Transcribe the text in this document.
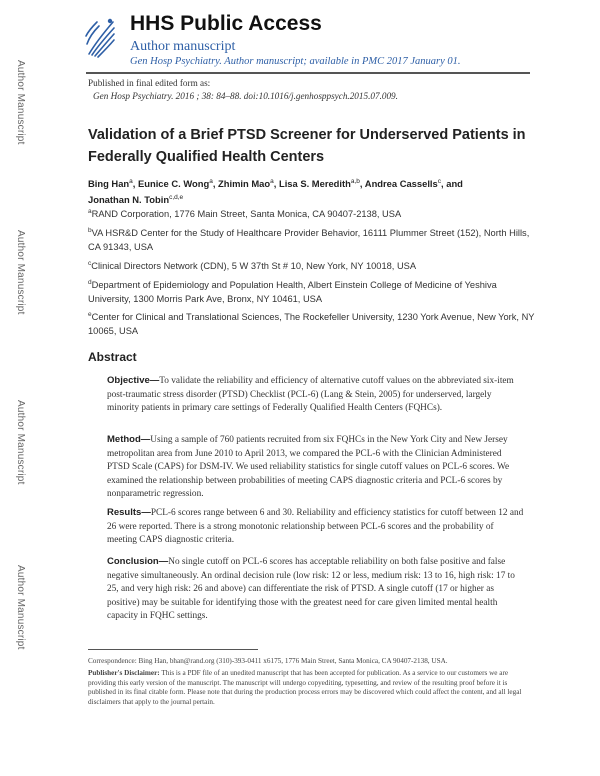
Author Manuscript
Author Manuscript
Author Manuscript
Author Manuscript
HHS Public Access
Author manuscript
Gen Hosp Psychiatry. Author manuscript; available in PMC 2017 January 01.
Published in final edited form as:
Gen Hosp Psychiatry. 2016 ; 38: 84–88. doi:10.1016/j.genhosppsych.2015.07.009.
Validation of a Brief PTSD Screener for Underserved Patients in Federally Qualified Health Centers
Bing Han$^a$, Eunice C. Wong$^a$, Zhimin Mao$^a$, Lisa S. Meredith$^{a,b}$, Andrea Cassells$^c$, and
Jonathan N. Tobin$^{c,d,e}$
$^a$RAND Corporation, 1776 Main Street, Santa Monica, CA 90407-2138, USA
$^b$VA HSR&D Center for the Study of Healthcare Provider Behavior, 16111 Plummer Street (152), North Hills, CA 91343, USA
$^c$Clinical Directors Network (CDN), 5 W 37th St # 10, New York, NY 10018, USA
$^d$Department of Epidemiology and Population Health, Albert Einstein College of Medicine of Yeshiva University, 1300 Morris Park Ave, Bronx, NY 10461, USA
$^e$Center for Clinical and Translational Sciences, The Rockefeller University, 1230 York Avenue, New York, NY 10065, USA
Abstract
Objective—To validate the reliability and efficiency of alternative cutoff values on the abbreviated six-item post-traumatic stress disorder (PTSD) Checklist (PCL-6) (Lang & Stein, 2005) for underserved, largely minority patients in primary care settings of Federally Qualified Health Centers (FQHCs).
Method—Using a sample of 760 patients recruited from six FQHCs in the New York City and New Jersey metropolitan area from June 2010 to April 2013, we compared the PCL-6 with the Clinician Administered PTSD Scale (CAPS) for DSM-IV. We used reliability statistics for single cutoff values on PCL-6 scores. We examined the relationship between probabilities of meeting CAPS diagnostic criteria and PCL-6 scores by nonparametric regression.
Results—PCL-6 scores range between 6 and 30. Reliability and efficiency statistics for cutoff between 12 and 26 were reported. There is a strong monotonic relationship between PCL-6 scores and the probability of meeting CAPS diagnostic criteria.
Conclusion—No single cutoff on PCL-6 scores has acceptable reliability on both false positive and false negative simultaneously. An ordinal decision rule (low risk: 12 or less, medium risk: 13 to 16, high risk: 17 to 25, and very high risk: 26 and above) can differentiate the risk of PTSD. A single cutoff (17 or higher as positive) may be suitable for identifying those with the greatest need for care given limited mental health capacity in FQHC settings.
Correspondence: Bing Han, bhan@rand.org (310)-393-0411 x6175, 1776 Main Street, Santa Monica, CA 90407-2138, USA.
Publisher's Disclaimer: This is a PDF file of an unedited manuscript that has been accepted for publication. As a service to our customers we are providing this early version of the manuscript. The manuscript will undergo copyediting, typesetting, and review of the resulting proof before it is published in its final citable form. Please note that during the production process errors may be discovered which could affect the content, and all legal disclaimers that apply to the journal pertain.
